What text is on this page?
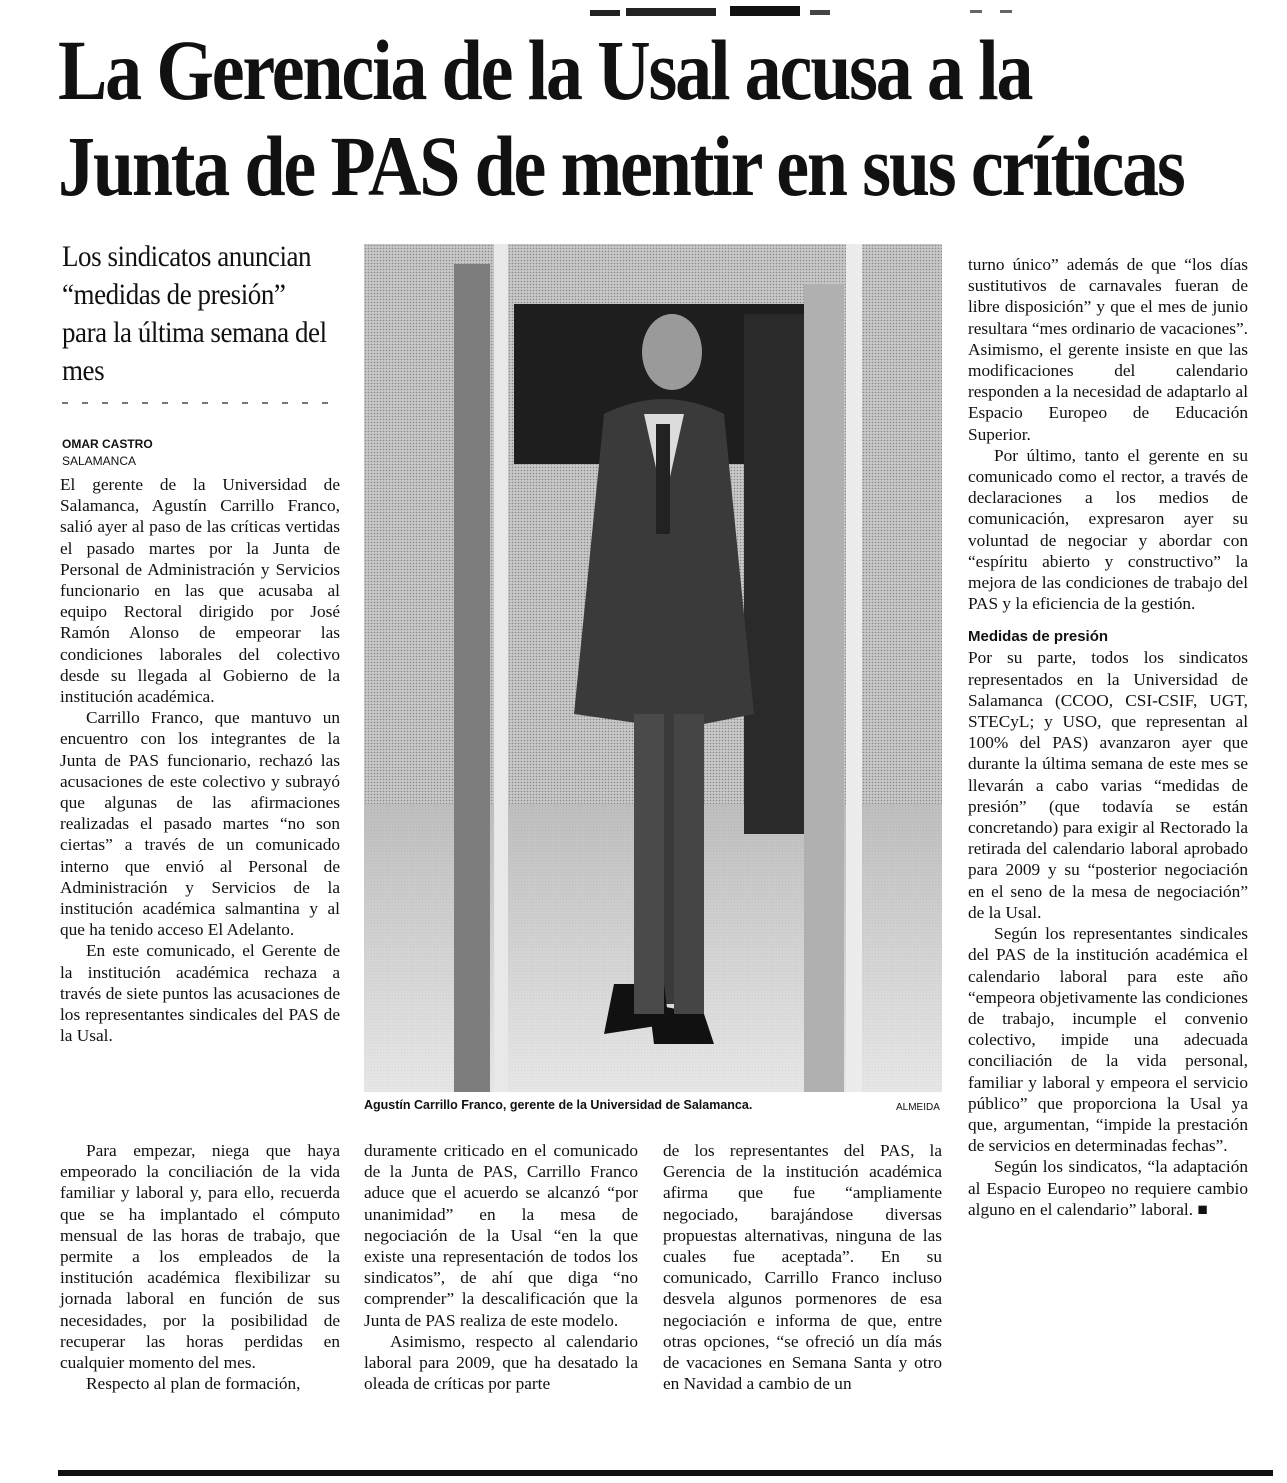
La Gerencia de la Usal acusa a la
Junta de PAS de mentir en sus críticas
Los sindicatos anuncian “medidas de presión” para la última semana del mes
OMAR CASTRO
SALAMANCA

El gerente de la Universidad de Salamanca, Agustín Carrillo Franco, salió ayer al paso de las críticas vertidas el pasado martes por la Junta de Personal de Administración y Servicios funcionario en las que acusaba al equipo Rectoral dirigido por José Ramón Alonso de empeorar las condiciones laborales del colectivo desde su llegada al Gobierno de la institución académica.

Carrillo Franco, que mantuvo un encuentro con los integrantes de la Junta de PAS funcionario, rechazó las acusaciones de este colectivo y subrayó que algunas de las afirmaciones realizadas el pasado martes “no son ciertas” a través de un comunicado interno que envió al Personal de Administración y Servicios de la institución académica salmantina y al que ha tenido acceso El Adelanto.

En este comunicado, el Gerente de la institución académica rechaza a través de siete puntos las acusaciones de los representantes sindicales del PAS de la Usal.

Agustín Carrillo Franco, gerente de la Universidad de Salamanca.	ALMEIDA

Para empezar, niega que haya empeorado la conciliación de la vida familiar y laboral y, para ello, recuerda que se ha implantado el cómputo mensual de las horas de trabajo, que permite a los empleados de la institución académica flexibilizar su jornada laboral en función de sus necesidades, por la posibilidad de recuperar las horas perdidas en cualquier momento del mes.

Respecto al plan de formación,

duramente criticado en el comunicado de la Junta de PAS, Carrillo Franco aduce que el acuerdo se alcanzó “por unanimidad” en la mesa de negociación de la Usal “en la que existe una representación de todos los sindicatos”, de ahí que diga “no comprender” la descalificación que la Junta de PAS realiza de este modelo.

Asimismo, respecto al calendario laboral para 2009, que ha desatado la oleada de críticas por parte

de los representantes del PAS, la Gerencia de la institución académica afirma que fue “ampliamente negociado, barajándose diversas propuestas alternativas, ninguna de las cuales fue aceptada”. En su comunicado, Carrillo Franco incluso desvela algunos pormenores de esa negociación e informa de que, entre otras opciones, “se ofreció un día más de vacaciones en Semana Santa y otro en Navidad a cambio de un

turno único” además de que “los días sustitutivos de carnavales fueran de libre disposición” y que el mes de junio resultara “mes ordinario de vacaciones”. Asimismo, el gerente insiste en que las modificaciones del calendario responden a la necesidad de adaptarlo al Espacio Europeo de Educación Superior.

Por último, tanto el gerente en su comunicado como el rector, a través de declaraciones a los medios de comunicación, expresaron ayer su voluntad de negociar y abordar con “espíritu abierto y constructivo” la mejora de las condiciones de trabajo del PAS y la eficiencia de la gestión.

Medidas de presión

Por su parte, todos los sindicatos representados en la Universidad de Salamanca (CCOO, CSI-CSIF, UGT, STECyL; y USO, que representan al 100% del PAS) avanzaron ayer que durante la última semana de este mes se llevarán a cabo varias “medidas de presión” (que todavía se están concretando) para exigir al Rectorado la retirada del calendario laboral aprobado para 2009 y su “posterior negociación en el seno de la mesa de negociación” de la Usal.

Según los representantes sindicales del PAS de la institución académica el calendario laboral para este año “empeora objetivamente las condiciones de trabajo, incumple el convenio colectivo, impide una adecuada conciliación de la vida personal, familiar y laboral y empeora el servicio público” que proporciona la Usal ya que, argumentan, “impide la prestación de servicios en determinadas fechas”.

Según los sindicatos, “la adaptación al Espacio Europeo no requiere cambio alguno en el calendario” laboral. ■
